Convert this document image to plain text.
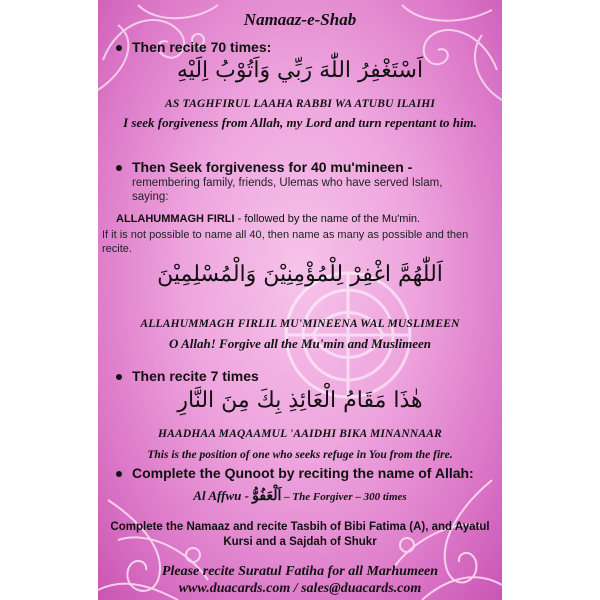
Namaaz-e-Shab

Then recite 70 times:

اَسْتَغْفِرُ اللّٰهَ رَبِّي وَاَتُوْبُ اِلَيْهِ

AS TAGHFIRUL LAAHA RABBI WA ATUBU ILAIHI

I seek forgiveness from Allah, my Lord and turn repentant to him.

Then Seek forgiveness for 40 mu'mineen -

remembering family, friends, Ulemas who have served Islam, saying:

ALLAHUMMAGH FIRLI - followed by the name of the Mu'min.

If it is not possible to name all 40, then name as many as possible and then recite.

اَللّٰهُمَّ اغْفِرْ لِلْمُؤْمِنِيْنَ وَالْمُسْلِمِيْنَ

ALLAHUMMAGH FIRLIL MU'MINEENA WAL MUSLIMEEN

O Allah! Forgive all the Mu'min and Muslimeen

Then recite 7 times

هٰذَا مَقَامُ الْعَائِذِ بِكَ مِنَ النَّارِ

HAADHAA MAQAAMUL 'AAIDHI BIKA MINANNAAR

This is the position of one who seeks refuge in You from the fire.

Complete the Qunoot by reciting the name of Allah:

Al Affwu - اَلْعَفُوُّ – The Forgiver – 300 times

Complete the Namaaz and recite Tasbih of Bibi Fatima (A), and Ayatul Kursi and a Sajdah of Shukr

Please recite Suratul Fatiha for all Marhumeen

www.duacards.com / sales@duacards.com
